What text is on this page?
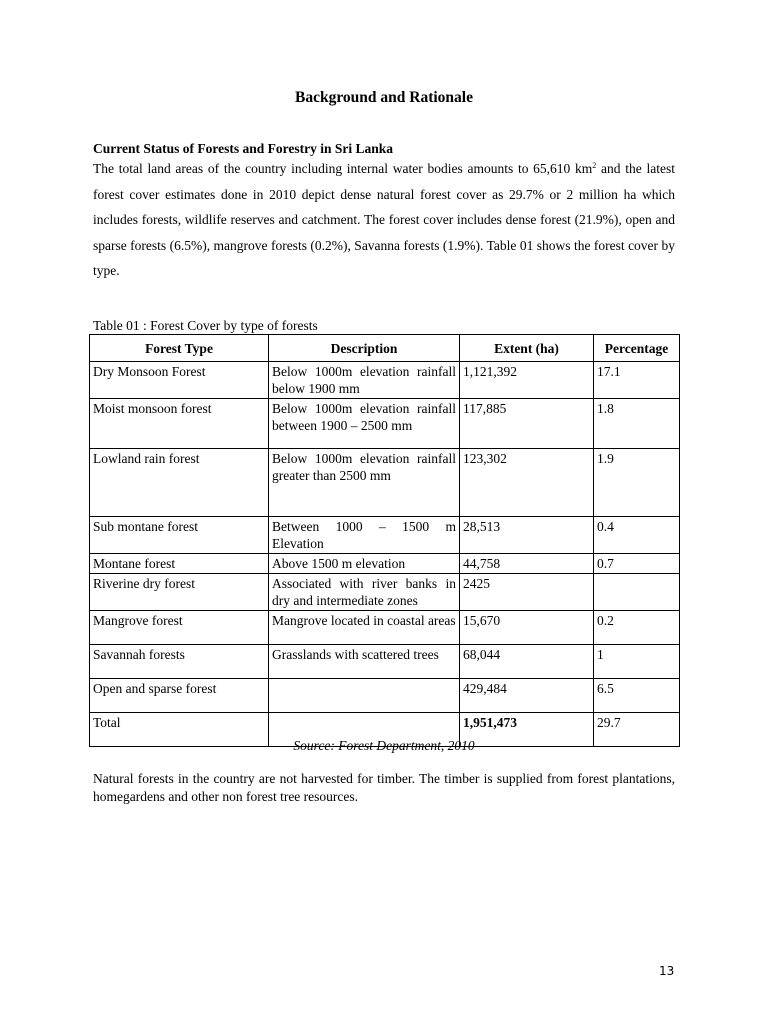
Background and Rationale
Current Status of Forests and Forestry in Sri Lanka
The total land areas of the country including internal water bodies amounts to 65,610 $km^2$ and the latest forest cover estimates done in 2010 depict dense natural forest cover as 29.7% or 2 million ha which includes forests, wildlife reserves and catchment. The forest cover includes dense forest (21.9%), open and sparse forests (6.5%), mangrove forests (0.2%), Savanna forests (1.9%). Table 01 shows the forest cover by type.
Table 01 : Forest Cover by type of forests
Forest Type	Description	Extent (ha)	Percentage
Dry Monsoon Forest	Below 1000m elevation rainfall below 1900 mm	1,121,392	17.1
Moist monsoon forest	Below 1000m elevation rainfall between 1900 – 2500 mm	117,885	1.8
Lowland rain forest	Below 1000m elevation rainfall greater than 2500 mm	123,302	1.9
Sub montane forest	Between 1000 – 1500 m Elevation	28,513	0.4
Montane forest	Above 1500 m elevation	44,758	0.7
Riverine dry forest	Associated with river banks in dry and intermediate zones	2425	
Mangrove forest	Mangrove located in coastal areas	15,670	0.2
Savannah forests	Grasslands with scattered trees	68,044	1
Open and sparse forest		429,484	6.5
Total		1,951,473	29.7
Source: Forest Department, 2010
Natural forests in the country are not harvested for timber. The timber is supplied from forest plantations, homegardens and other non forest tree resources.
13
